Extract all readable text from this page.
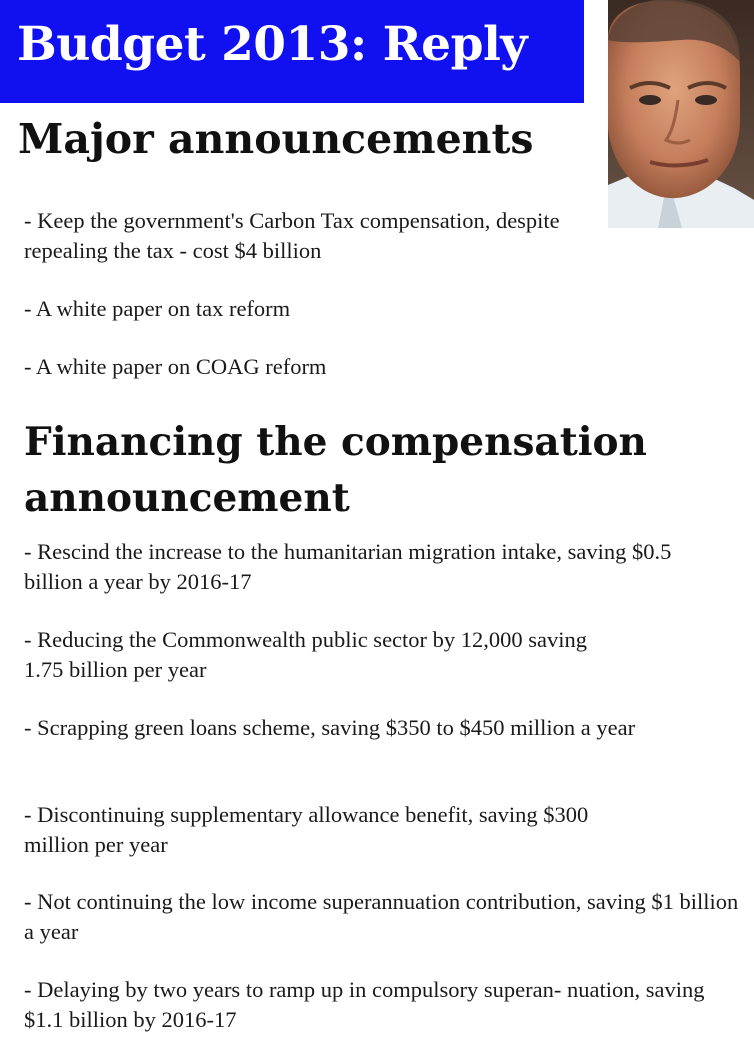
Budget 2013: Reply
Major announcements

- Keep the government's Carbon Tax compensation, despite repealing the tax - cost $4 billion

- A white paper on tax reform

- A white paper on COAG reform

Financing the compensation announcement

- Rescind the increase to the humanitarian migration intake, saving $0.5 billion a year by 2016-17

- Reducing the Commonwealth public sector by 12,000 saving 1.75 billion per year

- Scrapping green loans scheme, saving $350 to $450 million a year

- Discontinuing supplementary allowance benefit, saving $300 million per year

- Not continuing the low income superannuation contribution, saving $1 billion a year

- Delaying by two years to ramp up in compulsory superan- nuation, saving $1.1 billion by 2016-17
